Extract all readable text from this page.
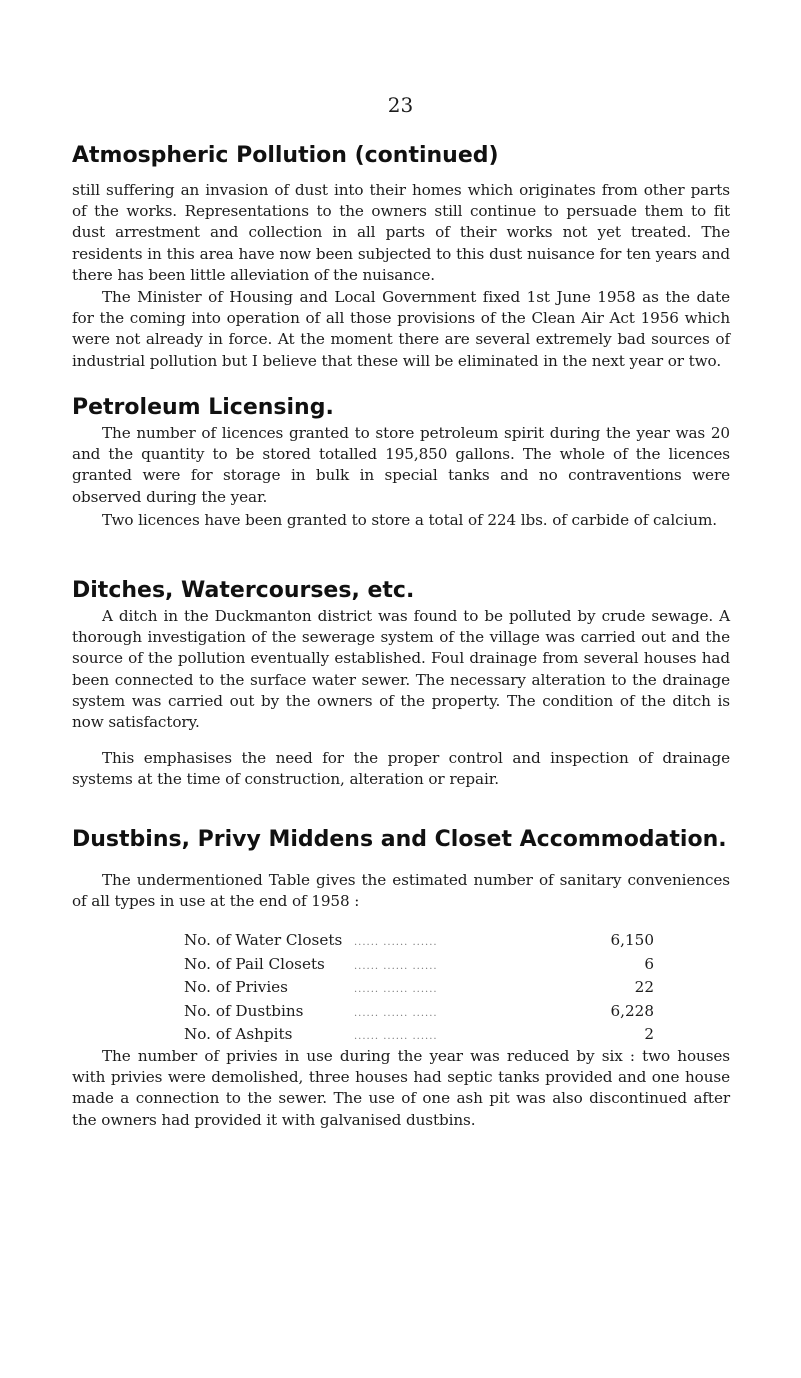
23
Atmospheric Pollution (continued)
still suffering an invasion of dust into their homes which originates from other parts of the works. Representations to the owners still continue to persuade them to fit dust arrestment and collection in all parts of their works not yet treated. The residents in this area have now been subjected to this dust nuisance for ten years and there has been little alleviation of the nuisance.
The Minister of Housing and Local Government fixed 1st June 1958 as the date for the coming into operation of all those provisions of the Clean Air Act 1956 which were not already in force. At the moment there are several extremely bad sources of industrial pollution but I believe that these will be eliminated in the next year or two.
Petroleum Licensing.
The number of licences granted to store petroleum spirit during the year was 20 and the quantity to be stored totalled 195,850 gallons. The whole of the licences granted were for storage in bulk in special tanks and no contraventions were observed during the year.
Two licences have been granted to store a total of 224 lbs. of carbide of calcium.
Ditches, Watercourses, etc.
A ditch in the Duckmanton district was found to be polluted by crude sewage. A thorough investigation of the sewerage system of the village was carried out and the source of the pollution eventually established. Foul drainage from several houses had been connected to the surface water sewer. The necessary alteration to the drainage system was carried out by the owners of the property. The condition of the ditch is now satisfactory.
This emphasises the need for the proper control and inspection of drainage systems at the time of construction, alteration or repair.
Dustbins, Privy Middens and Closet Accommodation.
The undermentioned Table gives the estimated number of sanitary conveniences of all types in use at the end of 1958 :
No. of Water Closets	...... ...... ......	6,150
No. of Pail Closets	...... ...... ......	6
No. of Privies	...... ...... ......	22
No. of Dustbins	...... ...... ......	6,228
No. of Ashpits	...... ...... ......	2
The number of privies in use during the year was reduced by six : two houses with privies were demolished, three houses had septic tanks provided and one house made a connection to the sewer. The use of one ash pit was also discontinued after the owners had provided it with galvanised dustbins.
